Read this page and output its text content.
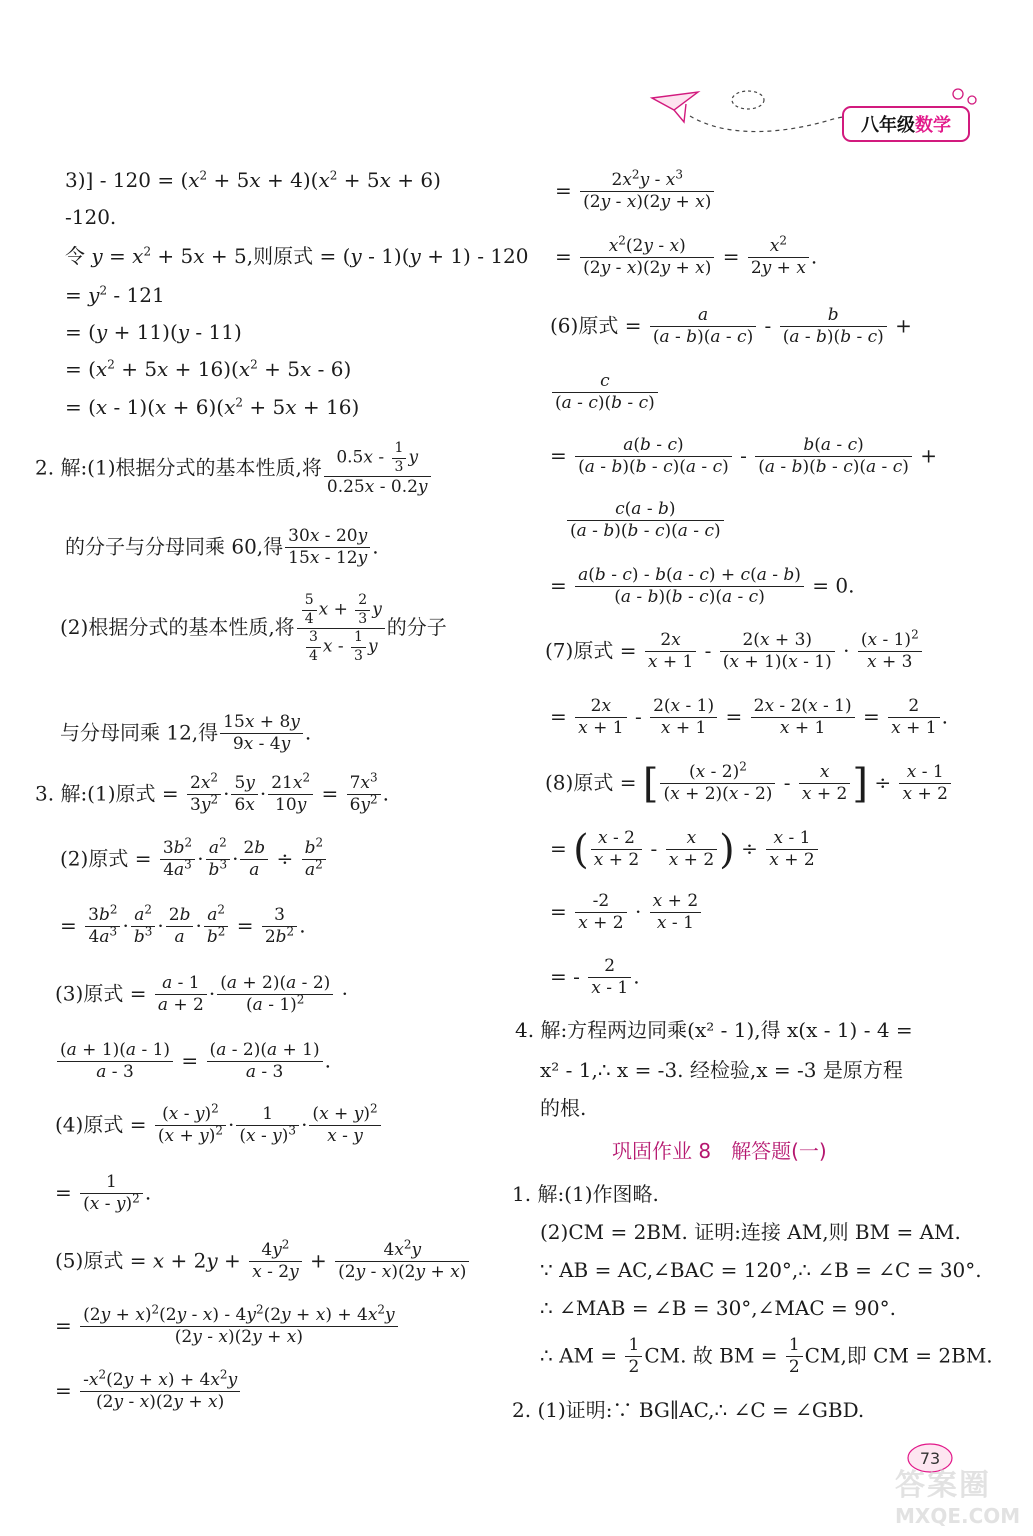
八年级 数学
$3)] - 120 = (x^2 + 5x + 4)(x^2 + 5x + 6)$
-120.
令 $y = x^2 + 5x + 5$,则原式 = (y - 1)(y + 1) - 120
= $y^2 - 121$
= (y + 11)(y - 11)
= $(x^2 + 5x + 16)(x^2 + 5x - 6)$
= $(x - 1)(x + 6)(x^2 + 5x + 16)$
2. 解:(1)根据分式的基本性质,将 $\frac{0.5x - \frac{1}{3} y}{0.25x - 0.2y}$
的分子与分母同乘 60,得 $\frac{30x - 20y}{15x - 12y}$ .
(2)根据分式的基本性质,将 $\frac{\frac{5}{4} x + \frac{2}{3} y}{\frac{3}{4} x - \frac{1}{3} y}$ 的分子
与分母同乘 12,得 $\frac{15x + 8y}{9x - 4y}$ .
3. 解:(1)原式 = $\frac{2x^2}{3y^2} \cdot \frac{5y}{6x} \cdot \frac{21x^2}{10y} = \frac{7x^3}{6y^2}$ .
(2)原式 = $\frac{3b^2}{4a^3} \cdot \frac{a^2}{b^3} \cdot \frac{2b}{a} \div \frac{b^2}{a^2}$
= $\frac{3b^2}{4a^3} \cdot \frac{a^2}{b^3} \cdot \frac{2b}{a} \cdot \frac{a^2}{b^2} = \frac{3}{2b^2}$ .
(3)原式 = $\frac{a - 1}{a + 2} \cdot \frac{(a + 2)(a - 2)}{(a - 1)^2}$ ·
$\frac{(a + 1)(a - 1)}{a - 3} = \frac{(a - 2)(a + 1)}{a - 3}$ .
(4)原式 = $\frac{(x - y)^2}{(x + y)^2} \cdot \frac{1}{(x - y)^3} \cdot \frac{(x + y)^2}{x - y}$
= $\frac{1}{(x - y)^2}$ .
(5)原式 = $x + 2y + \frac{4y^2}{x - 2y} + \frac{4x^2y}{(2y - x)(2y + x)}$
= $\frac{(2y + x)^2(2y - x) - 4y^2(2y + x) + 4x^2y}{(2y - x)(2y + x)}$
= $\frac{-x^2(2y + x) + 4x^2y}{(2y - x)(2y + x)}$
= $\frac{2x^2y - x^3}{(2y - x)(2y + x)}$
= $\frac{x^2(2y - x)}{(2y - x)(2y + x)} = \frac{x^2}{2y + x}$ .
(6)原式 = $\frac{a}{(a - b)(a - c)} - \frac{b}{(a - b)(b - c)}$ +
$\frac{c}{(a - c)(b - c)}$
= $\frac{a(b - c)}{(a - b)(b - c)(a - c)} - \frac{b(a - c)}{(a - b)(b - c)(a - c)}$ +
$\frac{c(a - b)}{(a - b)(b - c)(a - c)}$
= $\frac{a(b - c) - b(a - c) + c(a - b)}{(a - b)(b - c)(a - c)} = 0$.
(7)原式 = $\frac{2x}{x + 1} - \frac{2(x + 3)}{(x + 1)(x - 1)} \cdot \frac{(x - 1)^2}{x + 3}$
= $\frac{2x}{x + 1} - \frac{2(x - 1)}{x + 1} = \frac{2x - 2(x - 1)}{x + 1} = \frac{2}{x + 1}$ .
(8)原式 = [ $\frac{(x - 2)^2}{(x + 2)(x - 2)} - \frac{x}{x + 2}$ ] ÷ $\frac{x - 1}{x + 2}$
= ( $\frac{x - 2}{x + 2} - \frac{x}{x + 2}$ ) ÷ $\frac{x - 1}{x + 2}$
= $\frac{-2}{x + 2} \cdot \frac{x + 2}{x - 1}$
= - $\frac{2}{x - 1}$ .
4. 解:方程两边同乘(x² - 1),得 x(x - 1) - 4 =
x² - 1,∴ x = -3. 经检验,x = -3 是原方程
的根.
巩固作业 8　解答题(一)
1. 解:(1)作图略.
(2)CM = 2BM. 证明:连接 AM,则 BM = AM.
∵ AB = AC,∠BAC = 120°,∴ ∠B = ∠C = 30°.
∴ ∠MAB = ∠B = 30°,∠MAC = 90°.
∴ AM = $\frac{1}{2}$ CM. 故 BM = $\frac{1}{2}$ CM,即 CM = 2BM.
2. (1)证明:∵ BG∥AC,∴ ∠C = ∠GBD.
73
答案圈
MXQE.COM
